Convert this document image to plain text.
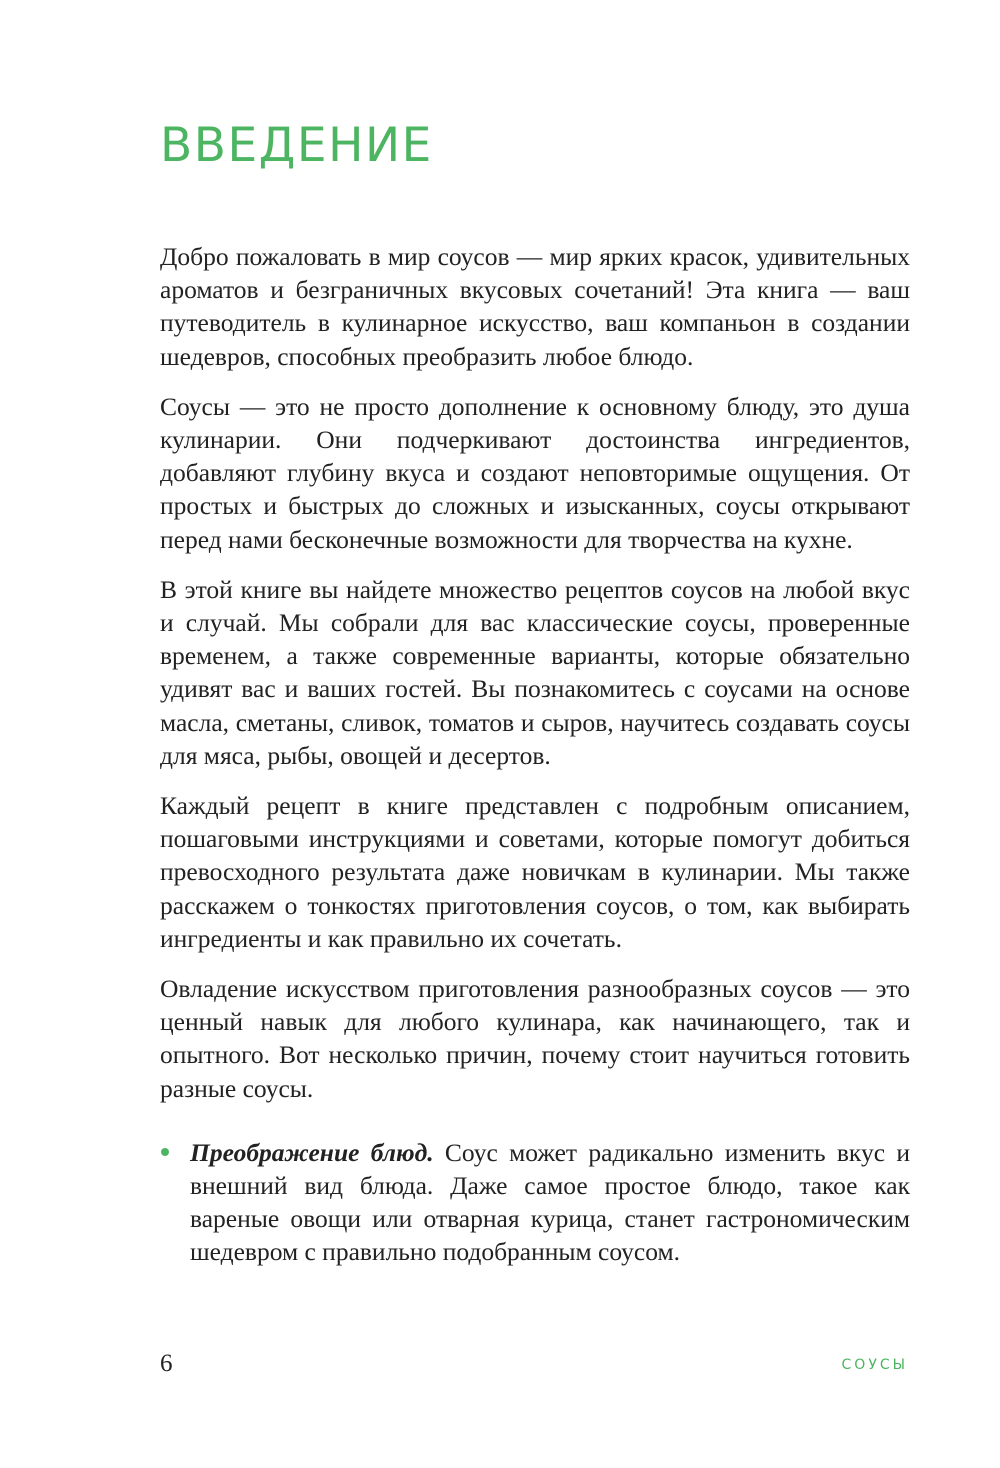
ВВЕДЕНИЕ

Добро пожаловать в мир соусов — мир ярких красок, удивительных ароматов и безграничных вкусовых сочетаний! Эта книга — ваш путеводитель в кулинарное искусство, ваш компаньон в создании шедевров, способных преобразить любое блюдо.

Соусы — это не просто дополнение к основному блюду, это душа кулинарии. Они подчеркивают достоинства ингредиентов, добавляют глубину вкуса и создают неповторимые ощущения. От простых и быстрых до сложных и изысканных, соусы открывают перед нами бесконечные возможности для творчества на кухне.

В этой книге вы найдете множество рецептов соусов на любой вкус и случай. Мы собрали для вас классические соусы, проверенные временем, а также современные варианты, которые обязательно удивят вас и ваших гостей. Вы познакомитесь с соусами на основе масла, сметаны, сливок, томатов и сыров, научитесь создавать соусы для мяса, рыбы, овощей и десертов.

Каждый рецепт в книге представлен с подробным описанием, пошаговыми инструкциями и советами, которые помогут добиться превосходного результата даже новичкам в кулинарии. Мы также расскажем о тонкостях приготовления соусов, о том, как выбирать ингредиенты и как правильно их сочетать.

Овладение искусством приготовления разнообразных соусов — это ценный навык для любого кулинара, как начинающего, так и опытного. Вот несколько причин, почему стоит научиться готовить разные соусы.

Преображение блюд. Соус может радикально изменить вкус и внешний вид блюда. Даже самое простое блюдо, такое как вареные овощи или отварная курица, станет гастрономическим шедевром с правильно подобранным соусом.
6	СОУСЫ
